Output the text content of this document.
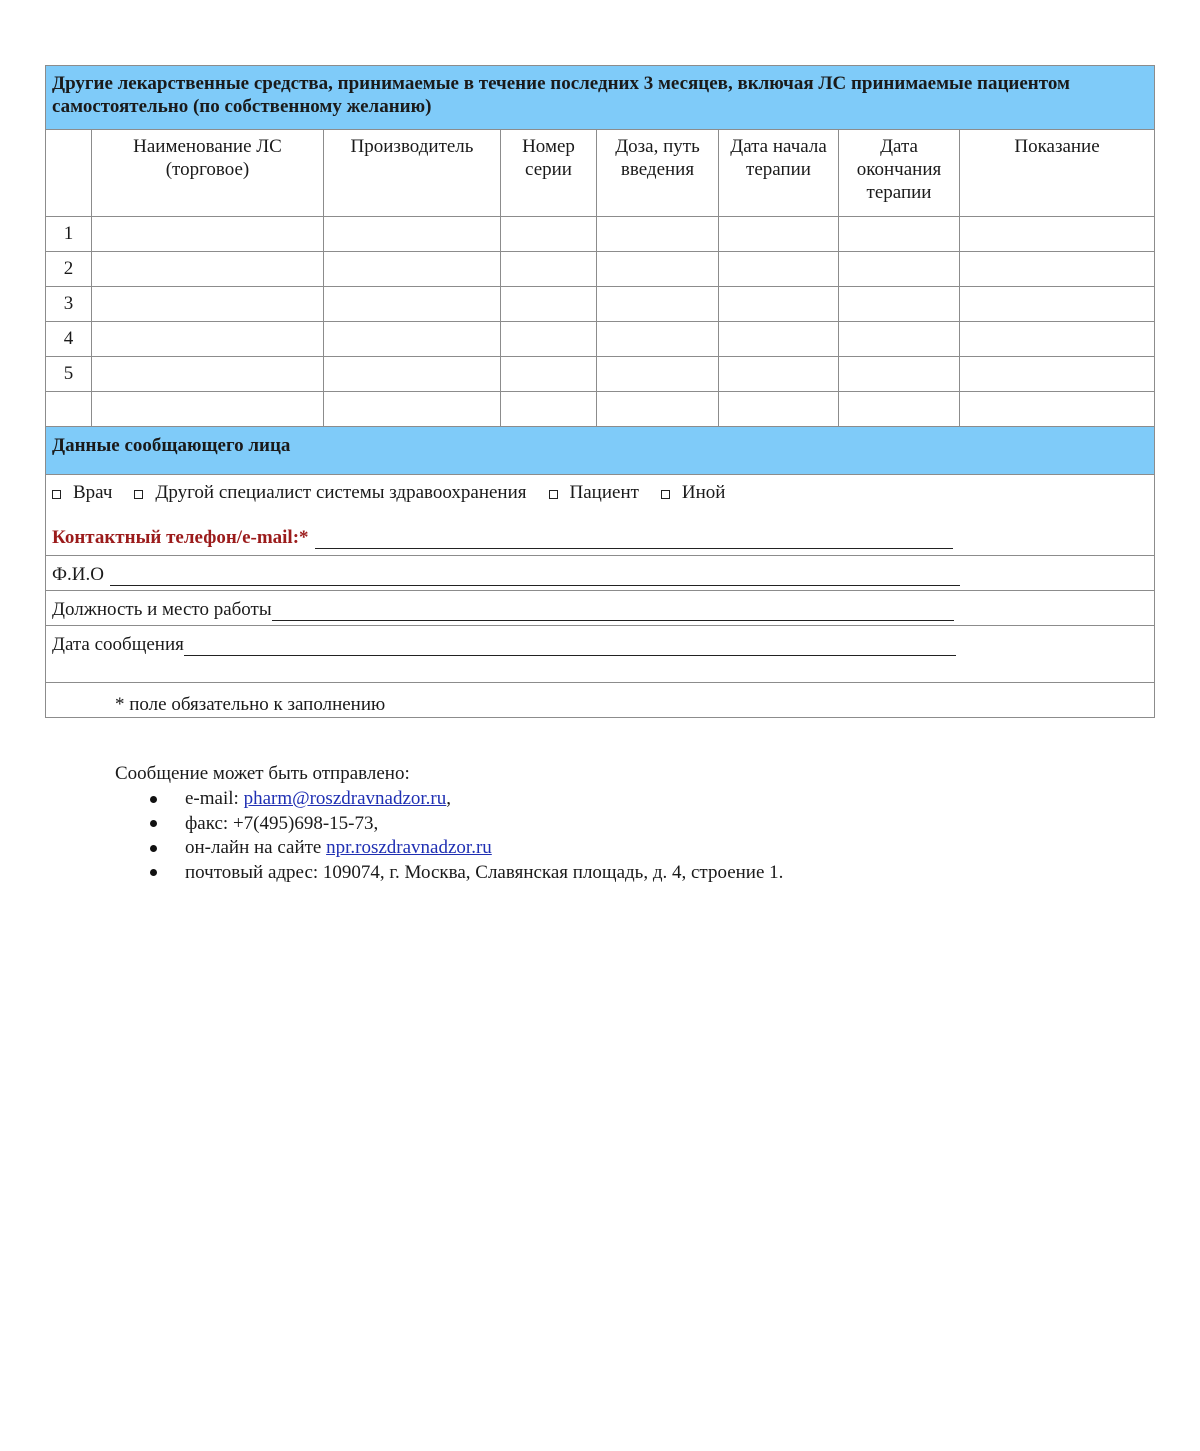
Другие лекарственные средства, принимаемые в течение последних 3 месяцев, включая ЛС принимаемые пациентом самостоятельно (по собственному желанию)							
	Наименование ЛС (торговое)	Производитель	Номер серии	Доза, путь введения	Дата начала терапии	Дата окончания терапии	Показание
1							
2							
3							
4							
5							

Данные сообщающего лица							

Врач Другой специалист системы здравоохранения Пациент Иной
Контактный телефон/e-mail:*							

Ф.И.О							

Должность и место работы							

Дата сообщения							

* поле обязательно к заполнению
Сообщение может быть отправлено:
e-mail: pharm@roszdravnadzor.ru ,
факс: +7(495)698-15-73,
он-лайн на сайте npr.roszdravnadzor.ru
почтовый адрес: 109074, г. Москва, Славянская площадь, д. 4, строение 1.
